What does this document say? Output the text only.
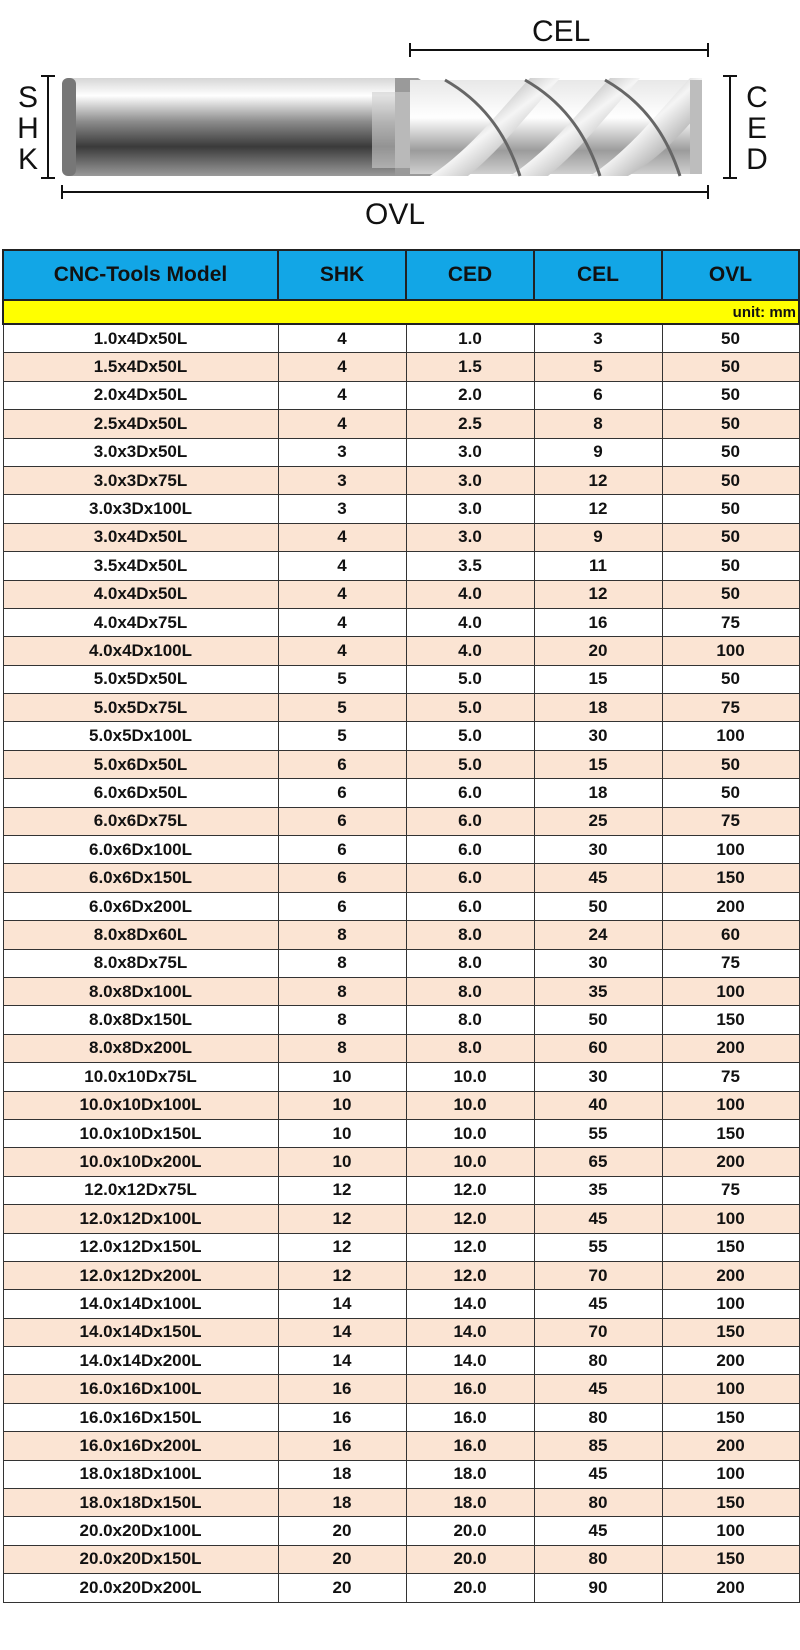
CEL
OVL
S
H
K
C
E
D
CNC-Tools Model	SHK	CED	CEL	OVL
unit: mm				
1.0x4Dx50L	4	1.0	3	50
1.5x4Dx50L	4	1.5	5	50
2.0x4Dx50L	4	2.0	6	50
2.5x4Dx50L	4	2.5	8	50
3.0x3Dx50L	3	3.0	9	50
3.0x3Dx75L	3	3.0	12	50
3.0x3Dx100L	3	3.0	12	50
3.0x4Dx50L	4	3.0	9	50
3.5x4Dx50L	4	3.5	11	50
4.0x4Dx50L	4	4.0	12	50
4.0x4Dx75L	4	4.0	16	75
4.0x4Dx100L	4	4.0	20	100
5.0x5Dx50L	5	5.0	15	50
5.0x5Dx75L	5	5.0	18	75
5.0x5Dx100L	5	5.0	30	100
5.0x6Dx50L	6	5.0	15	50
6.0x6Dx50L	6	6.0	18	50
6.0x6Dx75L	6	6.0	25	75
6.0x6Dx100L	6	6.0	30	100
6.0x6Dx150L	6	6.0	45	150
6.0x6Dx200L	6	6.0	50	200
8.0x8Dx60L	8	8.0	24	60
8.0x8Dx75L	8	8.0	30	75
8.0x8Dx100L	8	8.0	35	100
8.0x8Dx150L	8	8.0	50	150
8.0x8Dx200L	8	8.0	60	200
10.0x10Dx75L	10	10.0	30	75
10.0x10Dx100L	10	10.0	40	100
10.0x10Dx150L	10	10.0	55	150
10.0x10Dx200L	10	10.0	65	200
12.0x12Dx75L	12	12.0	35	75
12.0x12Dx100L	12	12.0	45	100
12.0x12Dx150L	12	12.0	55	150
12.0x12Dx200L	12	12.0	70	200
14.0x14Dx100L	14	14.0	45	100
14.0x14Dx150L	14	14.0	70	150
14.0x14Dx200L	14	14.0	80	200
16.0x16Dx100L	16	16.0	45	100
16.0x16Dx150L	16	16.0	80	150
16.0x16Dx200L	16	16.0	85	200
18.0x18Dx100L	18	18.0	45	100
18.0x18Dx150L	18	18.0	80	150
20.0x20Dx100L	20	20.0	45	100
20.0x20Dx150L	20	20.0	80	150
20.0x20Dx200L	20	20.0	90	200
